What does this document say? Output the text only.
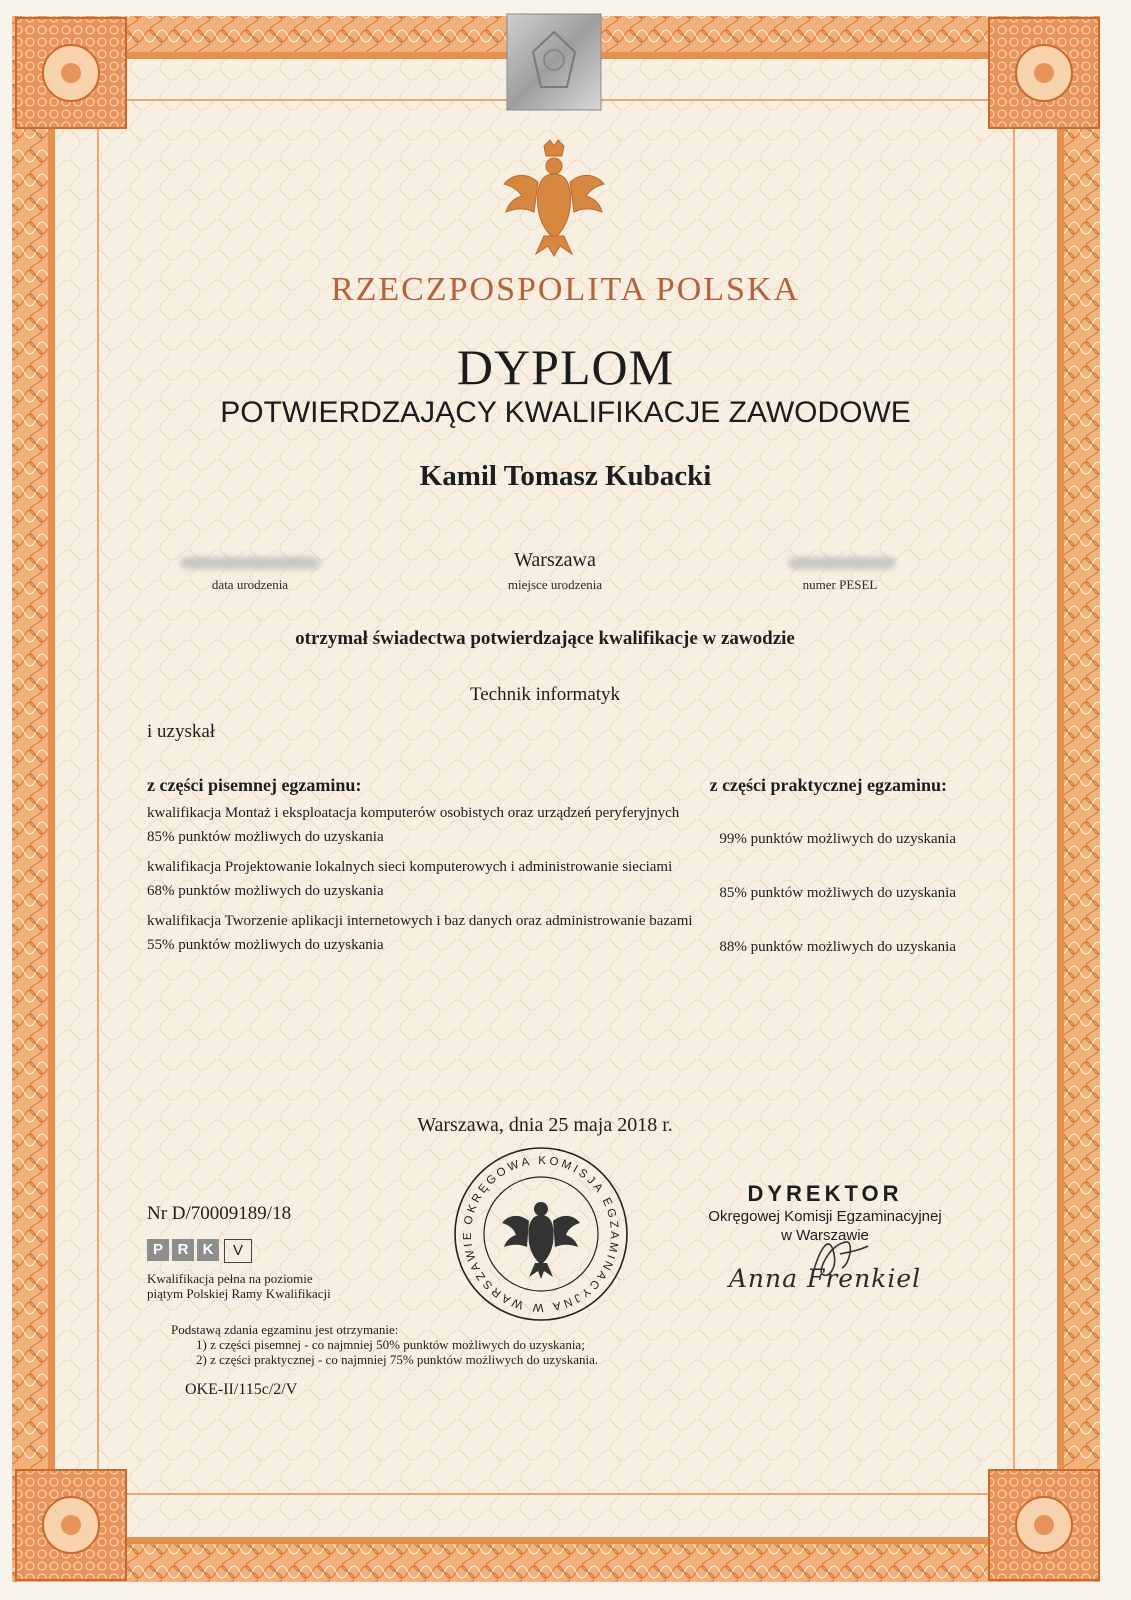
RZECZPOSPOLITA POLSKA
DYPLOM
POTWIERDZAJĄCY KWALIFIKACJE ZAWODOWE
Kamil Tomasz Kubacki
Warszawa
data urodzenia	miejsce urodzenia	numer PESEL
otrzymał świadectwa potwierdzające kwalifikacje w zawodzie
Technik informatyk
i uzyskał
z części pisemnej egzaminu:	z części praktycznej egzaminu:
kwalifikacja Montaż i eksploatacja komputerów osobistych oraz urządzeń peryferyjnych
85% punktów możliwych do uzyskania	99% punktów możliwych do uzyskania
kwalifikacja Projektowanie lokalnych sieci komputerowych i administrowanie sieciami
68% punktów możliwych do uzyskania	85% punktów możliwych do uzyskania
kwalifikacja Tworzenie aplikacji internetowych i baz danych oraz administrowanie bazami
55% punktów możliwych do uzyskania	88% punktów możliwych do uzyskania
Warszawa, dnia 25 maja 2018 r.
Nr D/70009189/18
P R K	V
Kwalifikacja pełna na poziomie
piątym Polskiej Ramy Kwalifikacji
Podstawą zdania egzaminu jest otrzymanie:
1) z części pisemnej - co najmniej 50% punktów możliwych do uzyskania;
2) z części praktycznej - co najmniej 75% punktów możliwych do uzyskania.
OKE-II/115c/2/V
OKRĘGOWA KOMISJA EGZAMINACYJNA W WARSZAWIE
DYREKTOR
Okręgowej Komisji Egzaminacyjnej
w Warszawie
Anna Frenkiel
